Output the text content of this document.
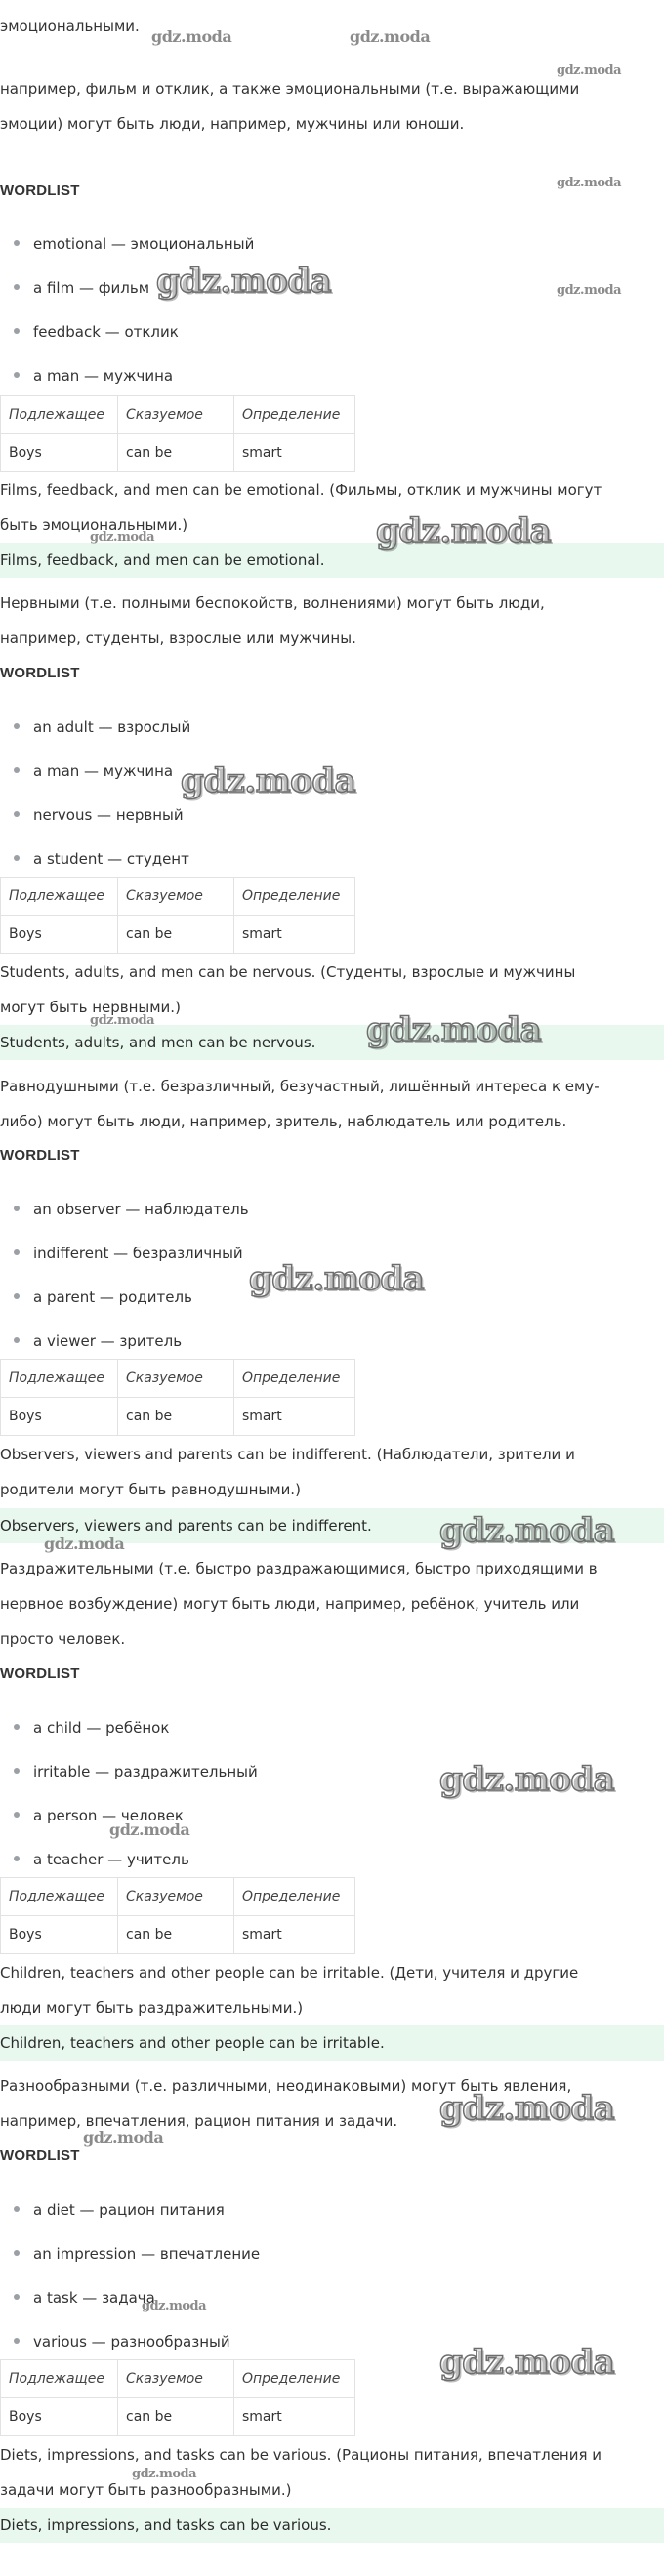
эмоциональными.

например, фильм и отклик, а также эмоциональными (т.е. выражающими

эмоции) могут быть люди, например, мужчины или юноши.

WORDLIST
emotional — эмоциональный
a film — фильм
feedback — отклик
a man — мужчина
Подлежащее	Сказуемое	Определение
Boys	can be	smart

Films, feedback, and men can be emotional. (Фильмы, отклик и мужчины могут

быть эмоциональными.)

Films, feedback, and men can be emotional.

Нервными (т.е. полными беспокойств, волнениями) могут быть люди,

например, студенты, взрослые или мужчины.

WORDLIST
an adult — взрослый
a man — мужчина
nervous — нервный
a student — студент
Подлежащее	Сказуемое	Определение
Boys	can be	smart

Students, adults, and men can be nervous. (Студенты, взрослые и мужчины

могут быть нервными.)

Students, adults, and men can be nervous.

Равнодушными (т.е. безразличный, безучастный, лишённый интереса к ему-

либо) могут быть люди, например, зритель, наблюдатель или родитель.

WORDLIST
an observer — наблюдатель
indifferent — безразличный
a parent — родитель
a viewer — зритель
Подлежащее	Сказуемое	Определение
Boys	can be	smart

Observers, viewers and parents can be indifferent. (Наблюдатели, зрители и

родители могут быть равнодушными.)

Observers, viewers and parents can be indifferent.

Раздражительными (т.е. быстро раздражающимися, быстро приходящими в

нервное возбуждение) могут быть люди, например, ребёнок, учитель или

просто человек.

WORDLIST
a child — ребёнок
irritable — раздражительный
a person — человек
a teacher — учитель
Подлежащее	Сказуемое	Определение
Boys	can be	smart

Children, teachers and other people can be irritable. (Дети, учителя и другие

люди могут быть раздражительными.)

Children, teachers and other people can be irritable.

Разнообразными (т.е. различными, неодинаковыми) могут быть явления,

например, впечатления, рацион питания и задачи.

WORDLIST
a diet — рацион питания
an impression — впечатление
a task — задача
various — разнообразный
Подлежащее	Сказуемое	Определение
Boys	can be	smart

Diets, impressions, and tasks can be various. (Рационы питания, впечатления и

задачи могут быть разнообразными.)

Diets, impressions, and tasks can be various.
gdz.moda	gdz.moda
gdz.moda
gdz.moda
gdz.moda	gdz.moda
gdz.moda
gdz.moda
gdz.moda
gdz.moda
gdz.moda
gdz.moda
gdz.moda
gdz.moda
gdz.moda
gdz.moda
gdz.moda
gdz.moda
gdz.moda
gdz.moda
gdz.moda
